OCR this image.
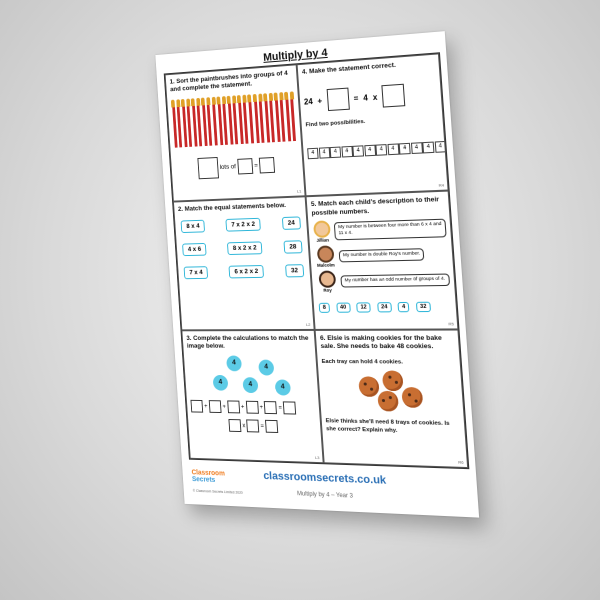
Multiply by 4
1. Sort the paintbrushes into groups of 4 and complete the statement.
lots of	=
L1
4. Make the statement correct.
24 +	= 4 x
Find two possibilities.
4 4 4 4 4 4 4 4 4 4 4 4
R4
2. Match the equal statements below.
8 x 4
4 x 6
7 x 4
7 x 2 x 2
8 x 2 x 2
6 x 2 x 2
24
28
32
L2
5. Match each child's description to their possible numbers.
Jillian
My number is between four more than 6 x 4 and 11 x 4.
Malcolm
My number is double Roy's number.
Roy
My number has an odd number of groups of 4.
8	40	12	24	4	32
R5
3. Complete the calculations to match the image below.
4
4
4	4	4
+ + + +	=
x =
L3
6. Elsie is making cookies for the bake sale. She needs to bake 48 cookies.
Each tray can hold 4 cookies.
Elsie thinks she'll need 8 trays of cookies. Is she correct? Explain why.
R6
Classroom
Secrets
© Classroom Secrets Limited 2020
classroomsecrets.co.uk
Multiply by 4 – Year 3
